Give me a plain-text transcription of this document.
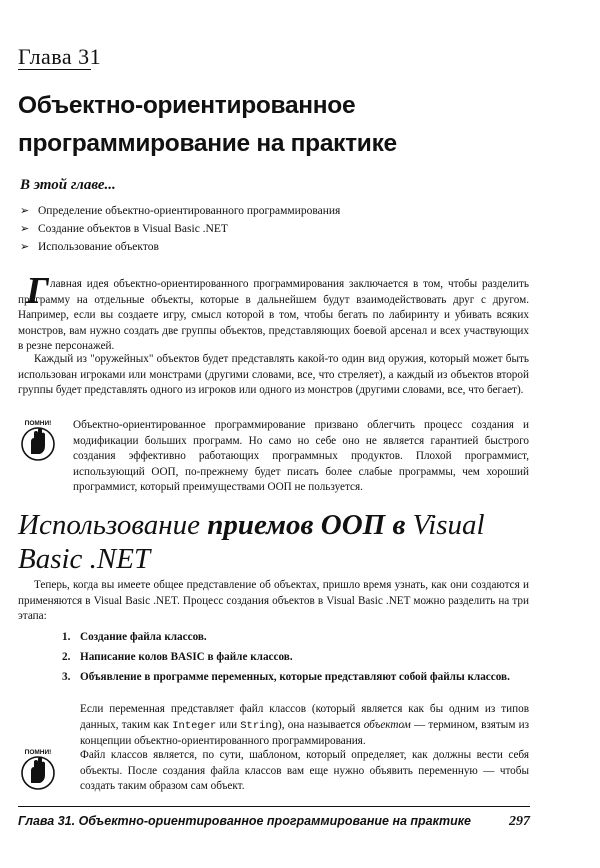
Глава 31
Объектно-ориентированное
программирование на практике
В этой главе...
➢ Определение объектно-ориентированного программирования
➢ Создание объектов в Visual Basic .NET
➢ Использование объектов
Г лавная идея объектно-ориентированного программирования заключается в том, чтобы разделить программу на отдельные объекты, которые в дальнейшем будут взаимодействовать друг с другом. Например, если вы создаете игру, смысл которой в том, чтобы бегать по лабиринту и убивать всяких монстров, вам нужно создать две группы объектов, представляющих боевой арсенал и всех участвующих в резне персонажей.
Каждый из "оружейных" объектов будет представлять какой-то один вид оружия, который может быть использован игроками или монстрами (другими словами, все, что стреляет), а каждый из объектов второй группы будет представлять одного из игроков или одного из монстров (другими словами, все, что бегает).
ПОМНИ! Объектно-ориентированное программирование призвано облегчить процесс создания и модификации больших программ. Но само но себе оно не является гарантией быстрого создания эффективно работающих программных продуктов. Плохой программист, использующий ООП, по-прежнему будет писать более слабые программы, чем хороший программист, который преимуществами ООП не пользуется.
Использование приемов ООП в Visual Basic .NET
Теперь, когда вы имеете общее представление об объектах, пришло время узнать, как они создаются и применяются в Visual Basic .NET. Процесс создания объектов в Visual Basic .NET можно разделить на три этапа:
1. Создание файла классов.
2. Написание колов BASIC в файле классов.
3. Объявление в программе переменных, которые представляют собой файлы классов.
Если переменная представляет файл классов (который является как бы одним из типов данных, таким как Integer или String), она называется объектом — термином, взятым из концепции объектно-ориентированного программирования.
ПОМНИ!	Файл классов является, по сути, шаблоном, который определяет, как должны вести себя объекты. После создания файла классов вам еще нужно объявить переменную — чтобы создать таким образом сам объект.
Глава 31. Объектно-ориентированное программирование на практике	297
